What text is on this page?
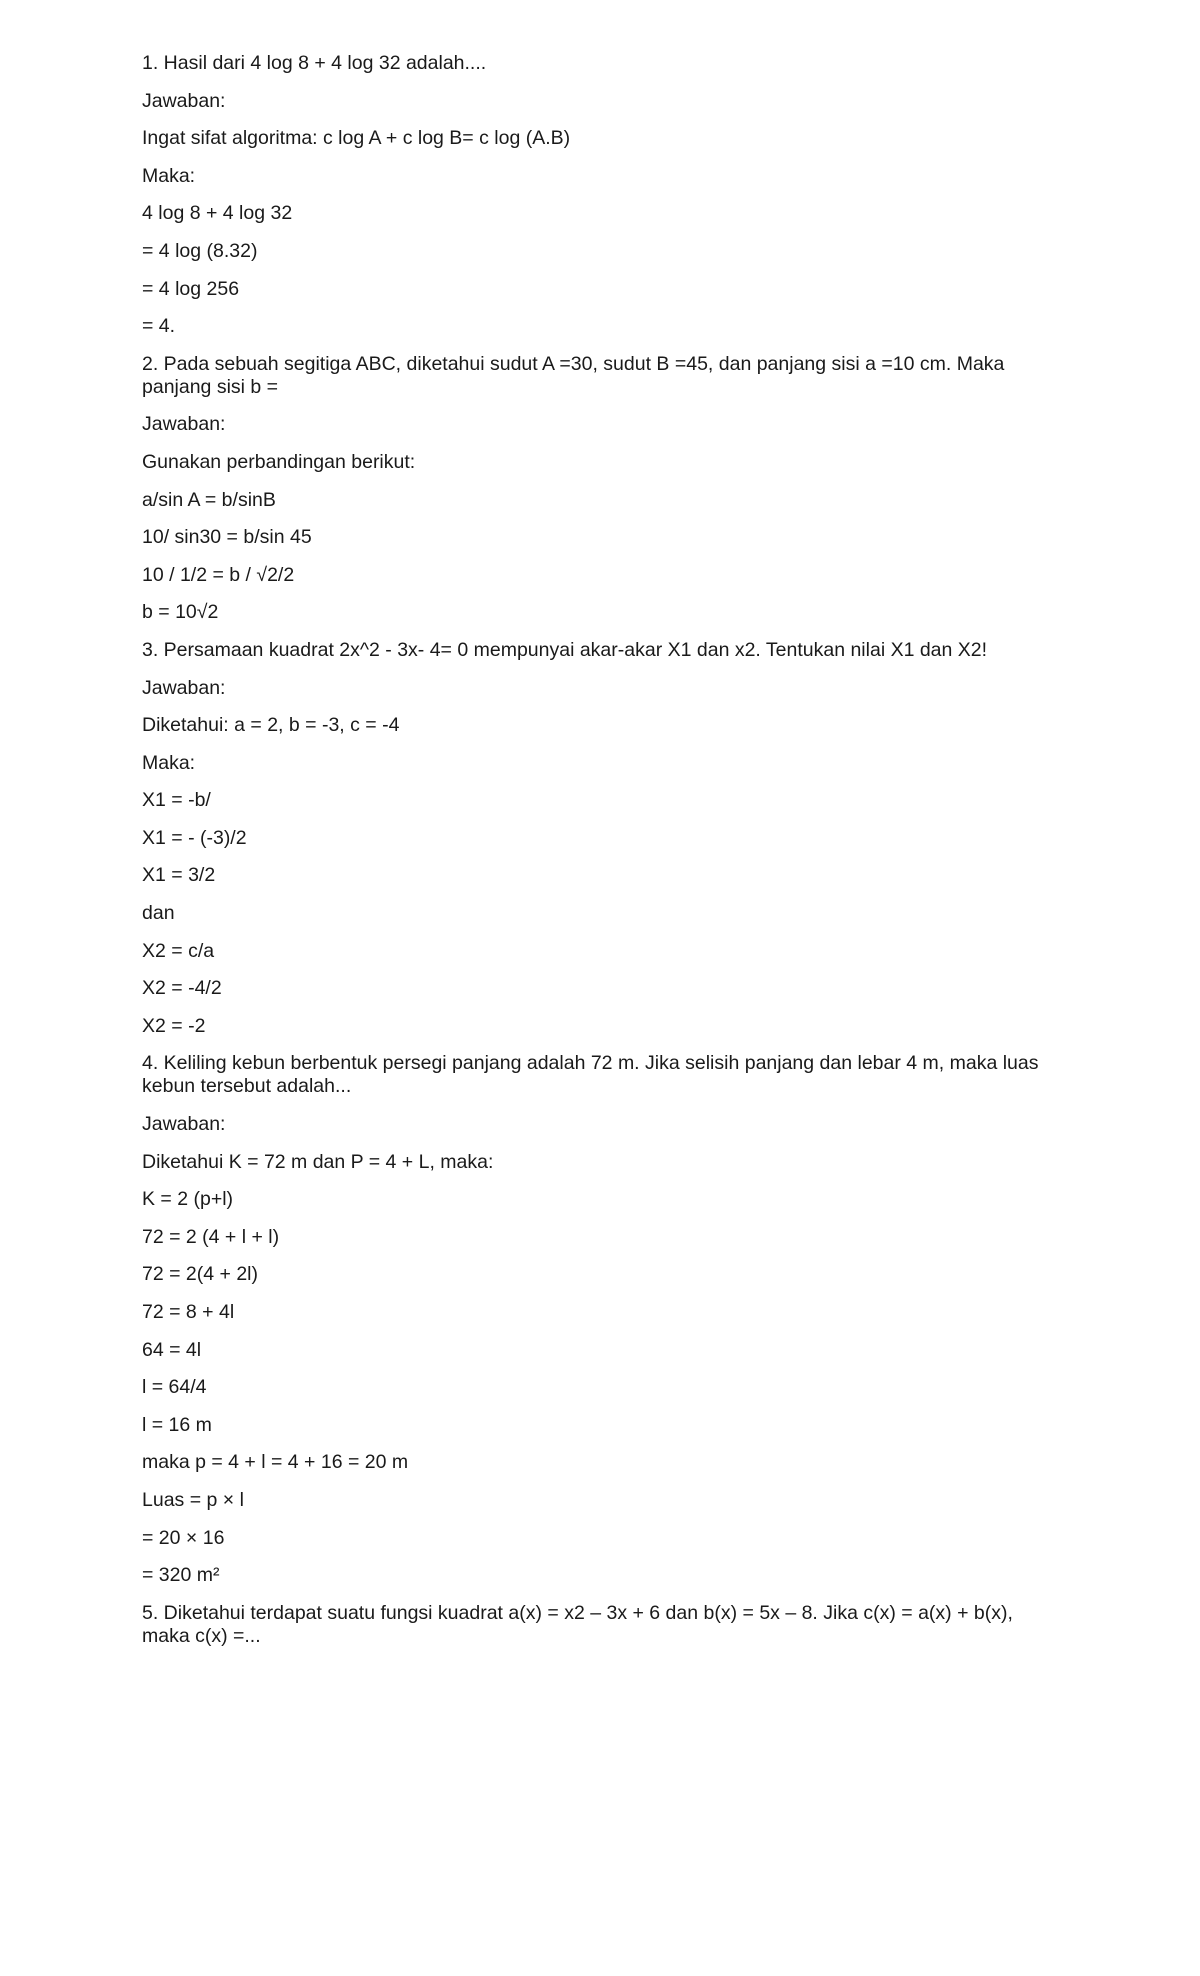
1. Hasil dari 4 log 8 + 4 log 32 adalah....

Jawaban:

Ingat sifat algoritma: c log A + c log B= c log (A.B)

Maka:

4 log 8 + 4 log 32

= 4 log (8.32)

= 4 log 256

= 4.

2. Pada sebuah segitiga ABC, diketahui sudut A =30, sudut B =45, dan panjang sisi a =10 cm. Maka panjang sisi b =

Jawaban:

Gunakan perbandingan berikut:

a/sin A = b/sinB

10/ sin30 = b/sin 45

10 / 1/2 = b / √2/2

b = 10√2

3. Persamaan kuadrat 2x^2 - 3x- 4= 0 mempunyai akar-akar X1 dan x2. Tentukan nilai X1 dan X2!

Jawaban:

Diketahui: a = 2, b = -3, c = -4

Maka:

X1 = -b/

X1 = - (-3)/2

X1 = 3/2

dan

X2 = c/a

X2 = -4/2

X2 = -2

4. Keliling kebun berbentuk persegi panjang adalah 72 m. Jika selisih panjang dan lebar 4 m, maka luas kebun tersebut adalah...

Jawaban:

Diketahui K = 72 m dan P = 4 + L, maka:

K = 2 (p+l)

72 = 2 (4 + l + l)

72 = 2(4 + 2l)

72 = 8 + 4l

64 = 4l

l = 64/4

l = 16 m

maka p = 4 + l = 4 + 16 = 20 m

Luas = p × l

= 20 × 16

= 320 m²

5. Diketahui terdapat suatu fungsi kuadrat a(x) = x2 – 3x + 6 dan b(x) = 5x – 8. Jika c(x) = a(x) + b(x), maka c(x) =...
